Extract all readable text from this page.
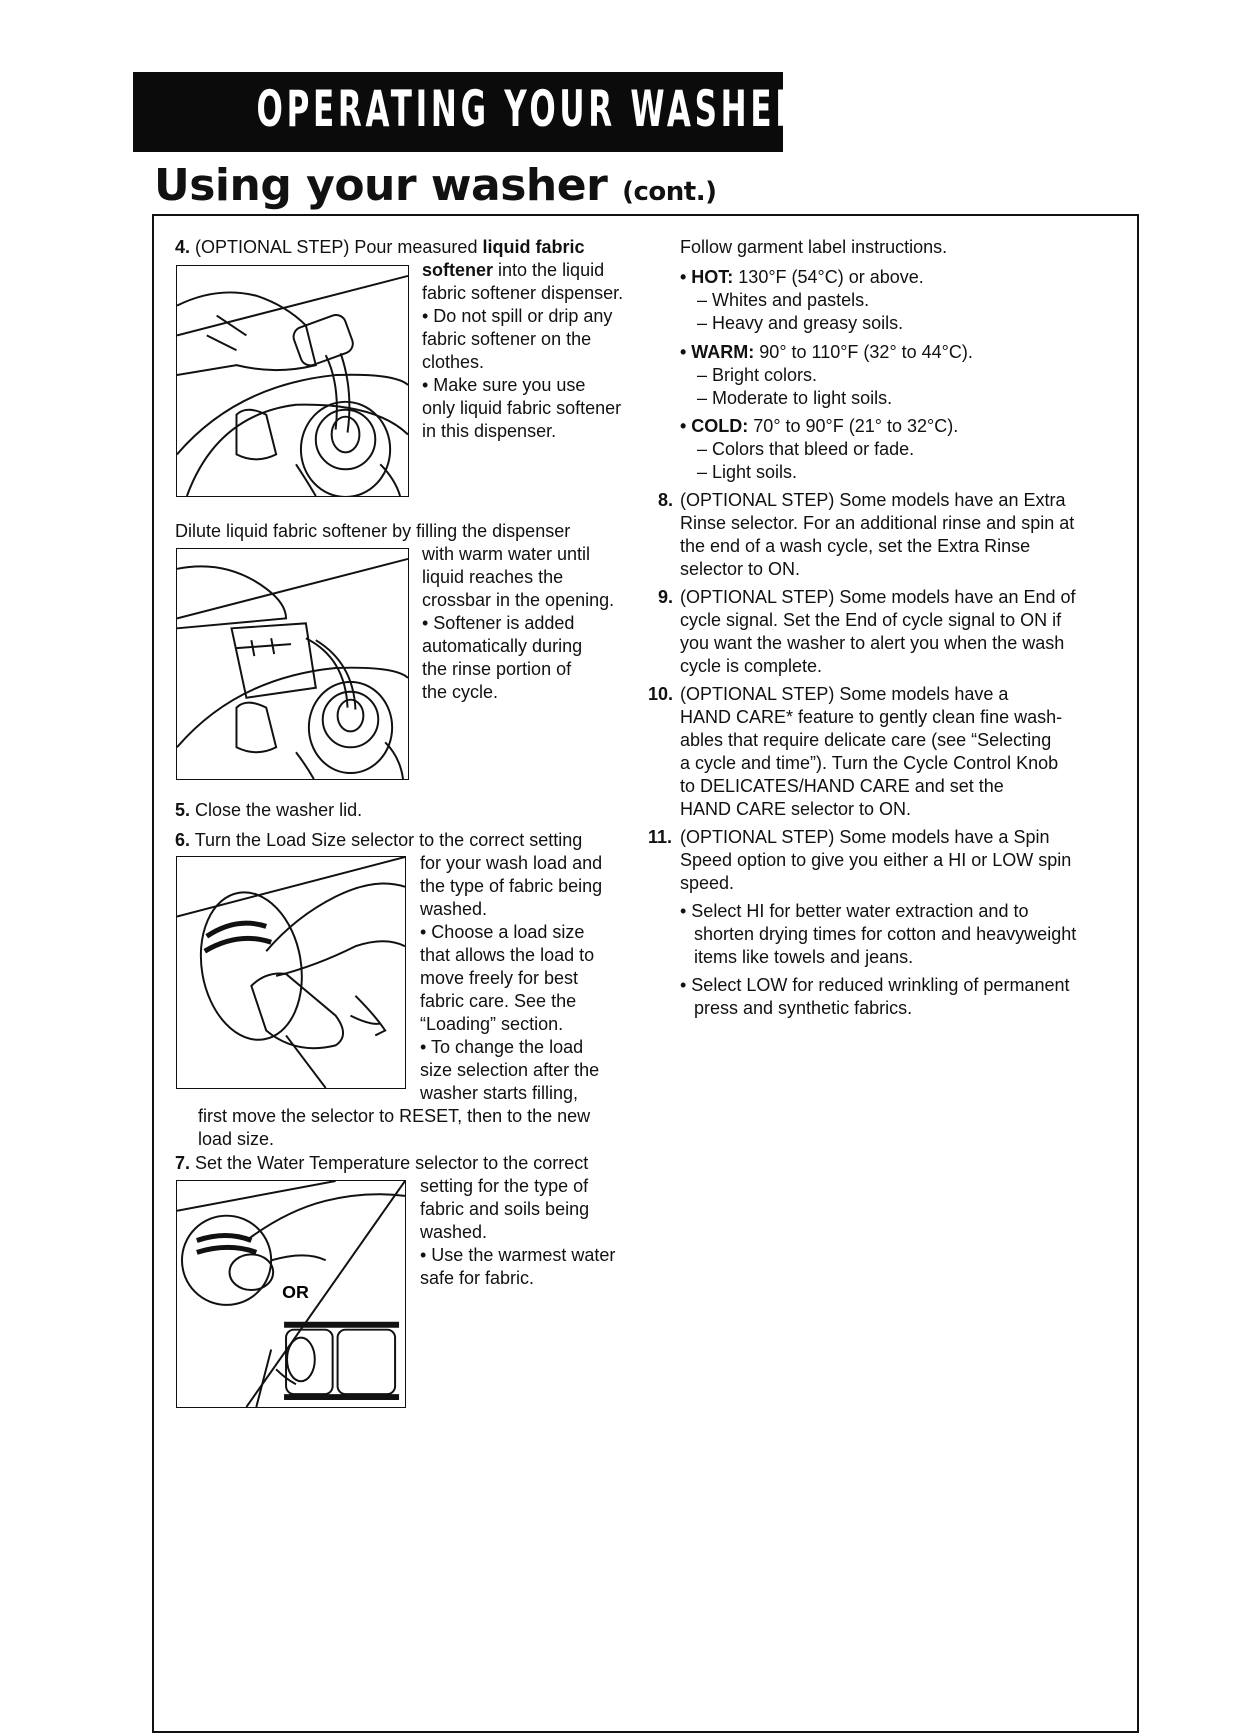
OPERATING YOUR WASHER
Using your washer (cont.)
4. (OPTIONAL STEP) Pour measured liquid fabric
softener into the liquid
fabric softener dispenser.
• Do not spill or drip any
fabric softener on the
clothes.
• Make sure you use
only liquid fabric softener
in this dispenser.
Dilute liquid fabric softener by filling the dispenser
with warm water until
liquid reaches the
crossbar in the opening.
• Softener is added
automatically during
the rinse portion of
the cycle.
5. Close the washer lid.
6. Turn the Load Size selector to the correct setting
for your wash load and
the type of fabric being
washed.
• Choose a load size
that allows the load to
move freely for best
fabric care. See the
“Loading” section.
• To change the load
size selection after the
washer starts filling,
first move the selector to RESET, then to the new
load size.
7. Set the Water Temperature selector to the correct
setting for the type of
fabric and soils being
washed.
• Use the warmest water
safe for fabric.
OR
Follow garment label instructions.
• HOT: 130°F (54°C) or above.
– Whites and pastels.
– Heavy and greasy soils.
• WARM: 90° to 110°F (32° to 44°C).
– Bright colors.
– Moderate to light soils.
• COLD: 70° to 90°F (21° to 32°C).
– Colors that bleed or fade.
– Light soils.
8. (OPTIONAL STEP) Some models have an Extra
Rinse selector. For an additional rinse and spin at
the end of a wash cycle, set the Extra Rinse
selector to ON.
9. (OPTIONAL STEP) Some models have an End of
cycle signal. Set the End of cycle signal to ON if
you want the washer to alert you when the wash
cycle is complete.
10. (OPTIONAL STEP) Some models have a
HAND CARE* feature to gently clean fine wash-
ables that require delicate care (see “Selecting
a cycle and time”). Turn the Cycle Control Knob
to DELICATES/HAND CARE and set the
HAND CARE selector to ON.
11. (OPTIONAL STEP) Some models have a Spin
Speed option to give you either a HI or LOW spin
speed.
• Select HI for better water extraction and to
shorten drying times for cotton and heavyweight
items like towels and jeans.
• Select LOW for reduced wrinkling of permanent
press and synthetic fabrics.
